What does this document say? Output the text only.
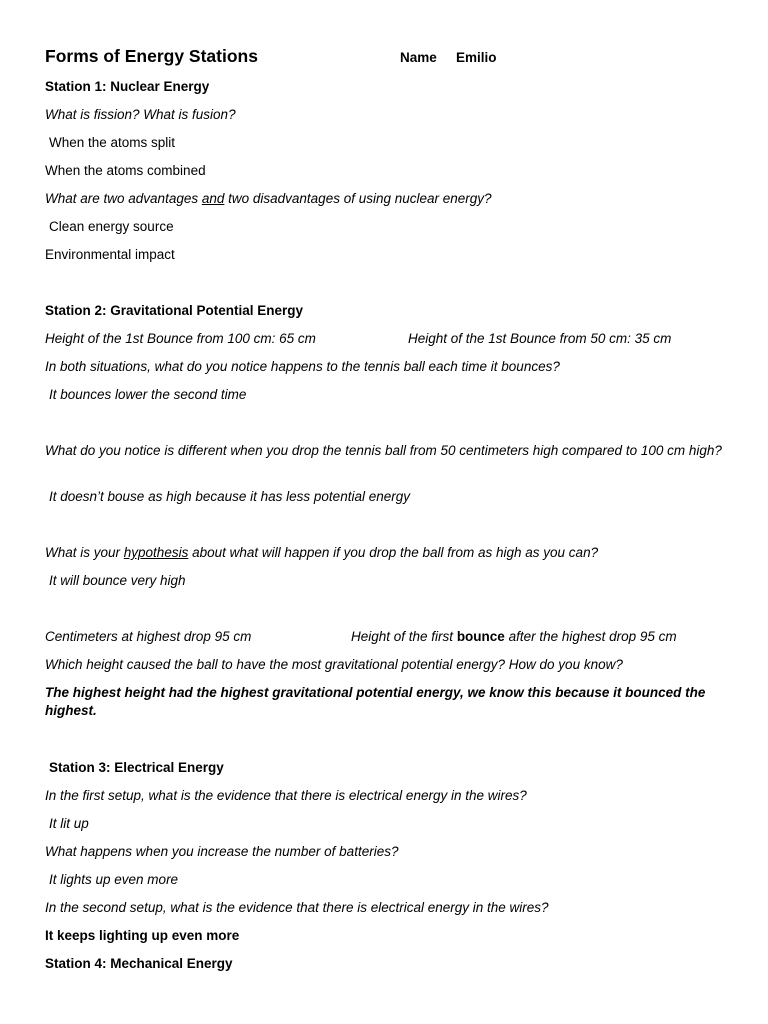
Forms of Energy Stations	Name Emilio
Station 1: Nuclear Energy
What is fission? What is fusion?
When the atoms split
When the atoms combined
What are two advantages and two disadvantages of using nuclear energy?
Clean energy source
Environmental impact
Station 2: Gravitational Potential Energy
Height of the 1st Bounce from 100 cm: 65 cm	Height of the 1st Bounce from 50 cm: 35 cm
In both situations, what do you notice happens to the tennis ball each time it bounces?
It bounces lower the second time
What do you notice is different when you drop the tennis ball from 50 centimeters high compared to 100 cm high?
It doesn’t bouse as high because it has less potential energy
What is your hypothesis about what will happen if you drop the ball from as high as you can?
It will bounce very high
Centimeters at highest drop 95 cm	Height of the first bounce after the highest drop 95 cm
Which height caused the ball to have the most gravitational potential energy? How do you know?
The highest height had the highest gravitational potential energy, we know this because it bounced the highest.
Station 3: Electrical Energy
In the first setup, what is the evidence that there is electrical energy in the wires?
It lit up
What happens when you increase the number of batteries?
It lights up even more
In the second setup, what is the evidence that there is electrical energy in the wires?
It keeps lighting up even more
Station 4: Mechanical Energy
